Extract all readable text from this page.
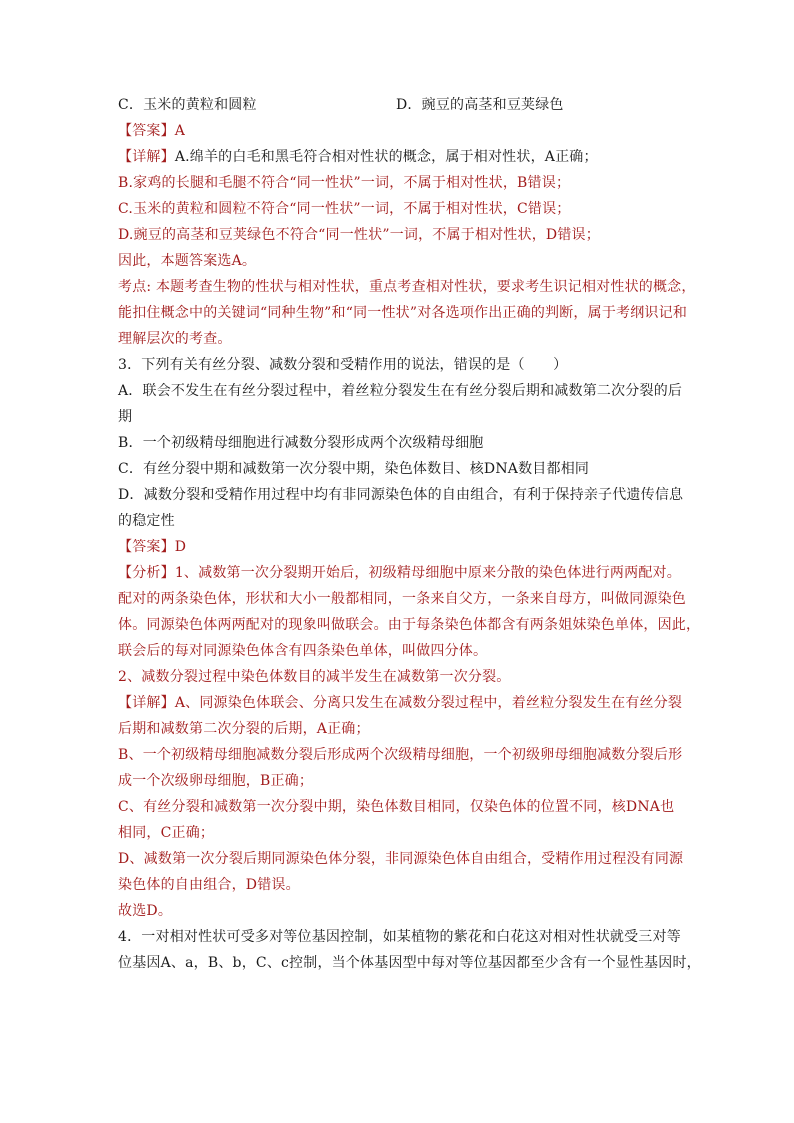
C．玉米的黄粒和圆粒	D．豌豆的高茎和豆荚绿色
【答案】A
【详解】A.绵羊的白毛和黑毛符合相对性状的概念，属于相对性状，A正确；
B.家鸡的长腿和毛腿不符合“同一性状”一词，不属于相对性状，B错误；
C.玉米的黄粒和圆粒不符合“同一性状”一词，不属于相对性状，C错误；
D.豌豆的高茎和豆荚绿色不符合“同一性状”一词，不属于相对性状，D错误；
因此，本题答案选A。
考点: 本题考查生物的性状与相对性状，重点考查相对性状，要求考生识记相对性状的概念，
能扣住概念中的关键词“同种生物”和“同一性状”对各选项作出正确的判断，属于考纲识记和
理解层次的考查。
3．下列有关有丝分裂、减数分裂和受精作用的说法，错误的是（　　）
A．联会不发生在有丝分裂过程中，着丝粒分裂发生在有丝分裂后期和减数第二次分裂的后
期
B．一个初级精母细胞进行减数分裂形成两个次级精母细胞
C．有丝分裂中期和减数第一次分裂中期，染色体数目、核DNA数目都相同
D．减数分裂和受精作用过程中均有非同源染色体的自由组合，有利于保持亲子代遗传信息
的稳定性
【答案】D
【分析】1、减数第一次分裂期开始后，初级精母细胞中原来分散的染色体进行两两配对。
配对的两条染色体，形状和大小一般都相同，一条来自父方，一条来自母方，叫做同源染色
体。同源染色体两两配对的现象叫做联会。由于每条染色体都含有两条姐妹染色单体，因此，
联会后的每对同源染色体含有四条染色单体，叫做四分体。
2、减数分裂过程中染色体数目的减半发生在减数第一次分裂。
【详解】A、同源染色体联会、分离只发生在减数分裂过程中，着丝粒分裂发生在有丝分裂
后期和减数第二次分裂的后期，A正确；
B、一个初级精母细胞减数分裂后形成两个次级精母细胞，一个初级卵母细胞减数分裂后形
成一个次级卵母细胞，B正确；
C、有丝分裂和减数第一次分裂中期，染色体数目相同，仅染色体的位置不同，核DNA也
相同，C正确；
D、减数第一次分裂后期同源染色体分裂，非同源染色体自由组合，受精作用过程没有同源
染色体的自由组合，D错误。
故选D。
4．一对相对性状可受多对等位基因控制，如某植物的紫花和白花这对相对性状就受三对等
位基因A、a，B、b，C、c控制，当个体基因型中每对等位基因都至少含有一个显性基因时，
